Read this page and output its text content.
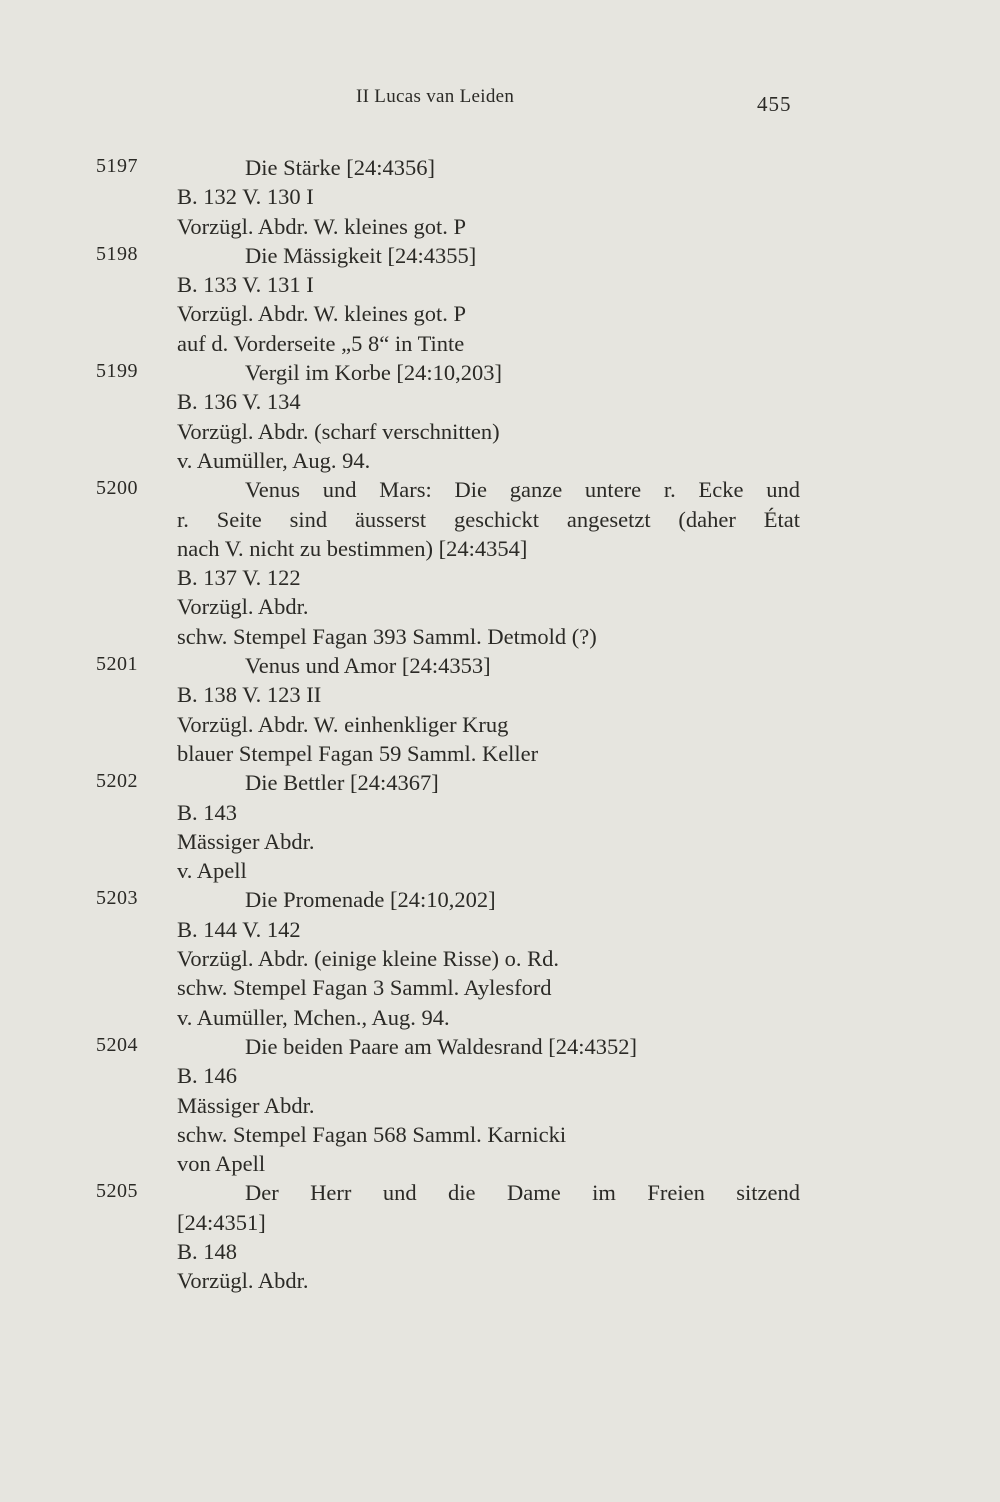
II Lucas van Leiden	455
5197	Die Stärke [24:4356]
B. 132 V. 130 I
Vorzügl. Abdr. W. kleines got. P
5198	Die Mässigkeit [24:4355]
B. 133 V. 131 I
Vorzügl. Abdr. W. kleines got. P
auf d. Vorderseite „5 8“ in Tinte
5199	Vergil im Korbe [24:10,203]
B. 136 V. 134
Vorzügl. Abdr. (scharf verschnitten)
v. Aumüller, Aug. 94.
5200	Venus und Mars: Die ganze untere r. Ecke und
r. Seite sind äusserst geschickt angesetzt (daher État
nach V. nicht zu bestimmen) [24:4354]
B. 137 V. 122
Vorzügl. Abdr.
schw. Stempel Fagan 393 Samml. Detmold (?)
5201	Venus und Amor [24:4353]
B. 138 V. 123 II
Vorzügl. Abdr. W. einhenkliger Krug
blauer Stempel Fagan 59 Samml. Keller
5202	Die Bettler [24:4367]
B. 143
Mässiger Abdr.
v. Apell
5203	Die Promenade [24:10,202]
B. 144 V. 142
Vorzügl. Abdr. (einige kleine Risse) o. Rd.
schw. Stempel Fagan 3 Samml. Aylesford
v. Aumüller, Mchen., Aug. 94.
5204	Die beiden Paare am Waldesrand [24:4352]
B. 146
Mässiger Abdr.
schw. Stempel Fagan 568 Samml. Karnicki
von Apell
5205	Der Herr und die Dame im Freien sitzend
[24:4351]
B. 148
Vorzügl. Abdr.
